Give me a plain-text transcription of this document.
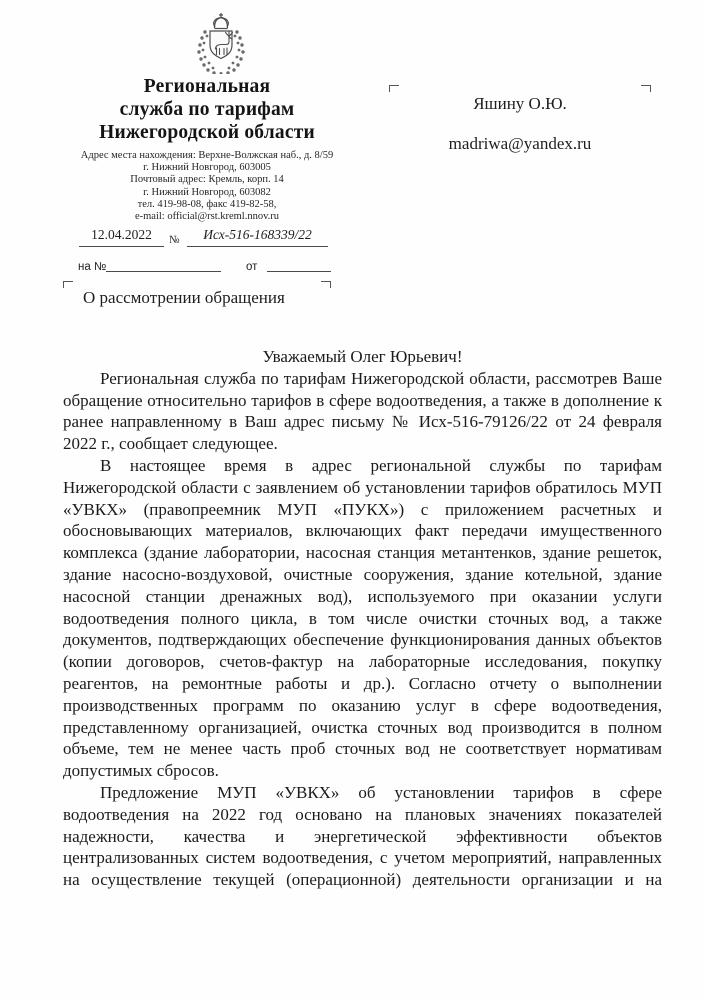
Региональная
служба по тарифам
Нижегородской области
Адрес места нахождения: Верхне-Волжская наб., д. 8/59
г. Нижний Новгород, 603005
Почтовый адрес: Кремль, корп. 14
г. Нижний Новгород, 603082
тел. 419-98-08, факс 419-82-58,
e-mail: official@rst.kreml.nnov.ru
Яшину О.Ю.
madriwa@yandex.ru
12.04.2022	№	Исх-516-168339/22
на №	от
О рассмотрении обращения
Уважаемый Олег Юрьевич!

Региональная служба по тарифам Нижегородской области, рассмотрев Ваше обращение относительно тарифов в сфере водоотведения, а также в дополнение к ранее направленному в Ваш адрес письму № Исх-516-79126/22 от 24 февраля 2022 г., сообщает следующее.

В настоящее время в адрес региональной службы по тарифам Нижегородской области с заявлением об установлении тарифов обратилось МУП «УВКХ» (правопреемник МУП «ПУКХ») с приложением расчетных и обосновывающих материалов, включающих факт передачи имущественного комплекса (здание лаборатории, насосная станция метантенков, здание решеток, здание насосно-воздуховой, очистные сооружения, здание котельной, здание насосной станции дренажных вод), используемого при оказании услуги водоотведения полного цикла, в том числе очистки сточных вод, а также документов, подтверждающих обеспечение функционирования данных объектов (копии договоров, счетов-фактур на лабораторные исследования, покупку реагентов, на ремонтные работы и др.). Согласно отчету о выполнении производственных программ по оказанию услуг в сфере водоотведения, представленному организацией, очистка сточных вод производится в полном объеме, тем не менее часть проб сточных вод не соответствует нормативам допустимых сбросов.

Предложение МУП «УВКХ» об установлении тарифов в сфере водоотведения на 2022 год основано на плановых значениях показателей надежности, качества и энергетической эффективности объектов централизованных систем водоотведения, с учетом мероприятий, направленных на осуществление текущей (операционной) деятельности организации и на
